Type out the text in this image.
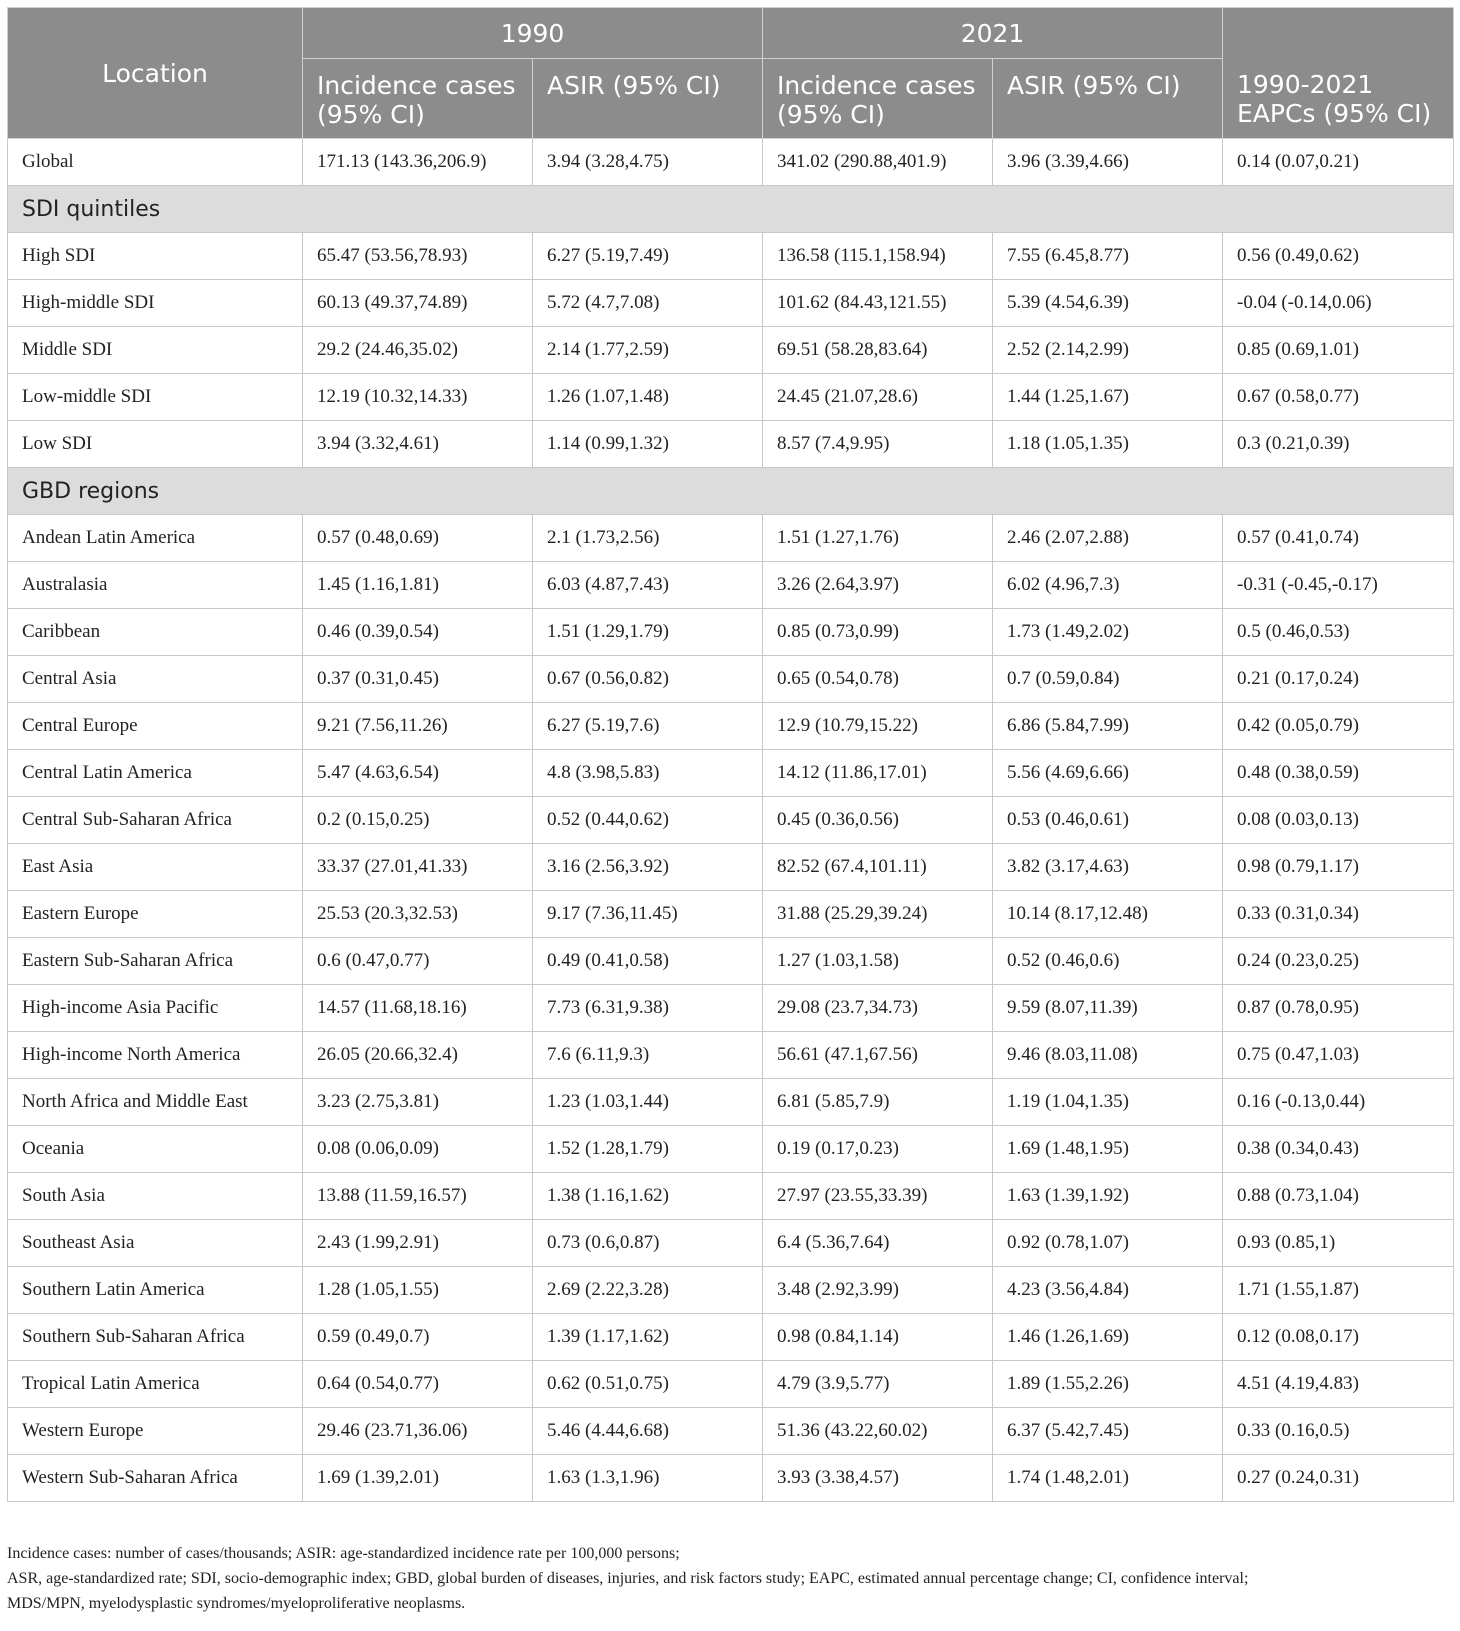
Location	1990		2021		1990-2021 EAPCs (95% CI)
	Incidence cases (95% CI)	ASIR (95% CI)	Incidence cases (95% CI)	ASIR (95% CI)	
Global	171.13 (143.36,206.9)	3.94 (3.28,4.75)	341.02 (290.88,401.9)	3.96 (3.39,4.66)	0.14 (0.07,0.21)
SDI quintiles					
High SDI	65.47 (53.56,78.93)	6.27 (5.19,7.49)	136.58 (115.1,158.94)	7.55 (6.45,8.77)	0.56 (0.49,0.62)
High-middle SDI	60.13 (49.37,74.89)	5.72 (4.7,7.08)	101.62 (84.43,121.55)	5.39 (4.54,6.39)	-0.04 (-0.14,0.06)
Middle SDI	29.2 (24.46,35.02)	2.14 (1.77,2.59)	69.51 (58.28,83.64)	2.52 (2.14,2.99)	0.85 (0.69,1.01)
Low-middle SDI	12.19 (10.32,14.33)	1.26 (1.07,1.48)	24.45 (21.07,28.6)	1.44 (1.25,1.67)	0.67 (0.58,0.77)
Low SDI	3.94 (3.32,4.61)	1.14 (0.99,1.32)	8.57 (7.4,9.95)	1.18 (1.05,1.35)	0.3 (0.21,0.39)
GBD regions					
Andean Latin America	0.57 (0.48,0.69)	2.1 (1.73,2.56)	1.51 (1.27,1.76)	2.46 (2.07,2.88)	0.57 (0.41,0.74)
Australasia	1.45 (1.16,1.81)	6.03 (4.87,7.43)	3.26 (2.64,3.97)	6.02 (4.96,7.3)	-0.31 (-0.45,-0.17)
Caribbean	0.46 (0.39,0.54)	1.51 (1.29,1.79)	0.85 (0.73,0.99)	1.73 (1.49,2.02)	0.5 (0.46,0.53)
Central Asia	0.37 (0.31,0.45)	0.67 (0.56,0.82)	0.65 (0.54,0.78)	0.7 (0.59,0.84)	0.21 (0.17,0.24)
Central Europe	9.21 (7.56,11.26)	6.27 (5.19,7.6)	12.9 (10.79,15.22)	6.86 (5.84,7.99)	0.42 (0.05,0.79)
Central Latin America	5.47 (4.63,6.54)	4.8 (3.98,5.83)	14.12 (11.86,17.01)	5.56 (4.69,6.66)	0.48 (0.38,0.59)
Central Sub-Saharan Africa	0.2 (0.15,0.25)	0.52 (0.44,0.62)	0.45 (0.36,0.56)	0.53 (0.46,0.61)	0.08 (0.03,0.13)
East Asia	33.37 (27.01,41.33)	3.16 (2.56,3.92)	82.52 (67.4,101.11)	3.82 (3.17,4.63)	0.98 (0.79,1.17)
Eastern Europe	25.53 (20.3,32.53)	9.17 (7.36,11.45)	31.88 (25.29,39.24)	10.14 (8.17,12.48)	0.33 (0.31,0.34)
Eastern Sub-Saharan Africa	0.6 (0.47,0.77)	0.49 (0.41,0.58)	1.27 (1.03,1.58)	0.52 (0.46,0.6)	0.24 (0.23,0.25)
High-income Asia Pacific	14.57 (11.68,18.16)	7.73 (6.31,9.38)	29.08 (23.7,34.73)	9.59 (8.07,11.39)	0.87 (0.78,0.95)
High-income North America	26.05 (20.66,32.4)	7.6 (6.11,9.3)	56.61 (47.1,67.56)	9.46 (8.03,11.08)	0.75 (0.47,1.03)
North Africa and Middle East	3.23 (2.75,3.81)	1.23 (1.03,1.44)	6.81 (5.85,7.9)	1.19 (1.04,1.35)	0.16 (-0.13,0.44)
Oceania	0.08 (0.06,0.09)	1.52 (1.28,1.79)	0.19 (0.17,0.23)	1.69 (1.48,1.95)	0.38 (0.34,0.43)
South Asia	13.88 (11.59,16.57)	1.38 (1.16,1.62)	27.97 (23.55,33.39)	1.63 (1.39,1.92)	0.88 (0.73,1.04)
Southeast Asia	2.43 (1.99,2.91)	0.73 (0.6,0.87)	6.4 (5.36,7.64)	0.92 (0.78,1.07)	0.93 (0.85,1)
Southern Latin America	1.28 (1.05,1.55)	2.69 (2.22,3.28)	3.48 (2.92,3.99)	4.23 (3.56,4.84)	1.71 (1.55,1.87)
Southern Sub-Saharan Africa	0.59 (0.49,0.7)	1.39 (1.17,1.62)	0.98 (0.84,1.14)	1.46 (1.26,1.69)	0.12 (0.08,0.17)
Tropical Latin America	0.64 (0.54,0.77)	0.62 (0.51,0.75)	4.79 (3.9,5.77)	1.89 (1.55,2.26)	4.51 (4.19,4.83)
Western Europe	29.46 (23.71,36.06)	5.46 (4.44,6.68)	51.36 (43.22,60.02)	6.37 (5.42,7.45)	0.33 (0.16,0.5)
Western Sub-Saharan Africa	1.69 (1.39,2.01)	1.63 (1.3,1.96)	3.93 (3.38,4.57)	1.74 (1.48,2.01)	0.27 (0.24,0.31)
Incidence cases: number of cases/thousands; ASIR: age-standardized incidence rate per 100,000 persons;
ASR, age-standardized rate; SDI, socio-demographic index; GBD, global burden of diseases, injuries, and risk factors study; EAPC, estimated annual percentage change; CI, confidence interval;
MDS/MPN, myelodysplastic syndromes/myeloproliferative neoplasms.
